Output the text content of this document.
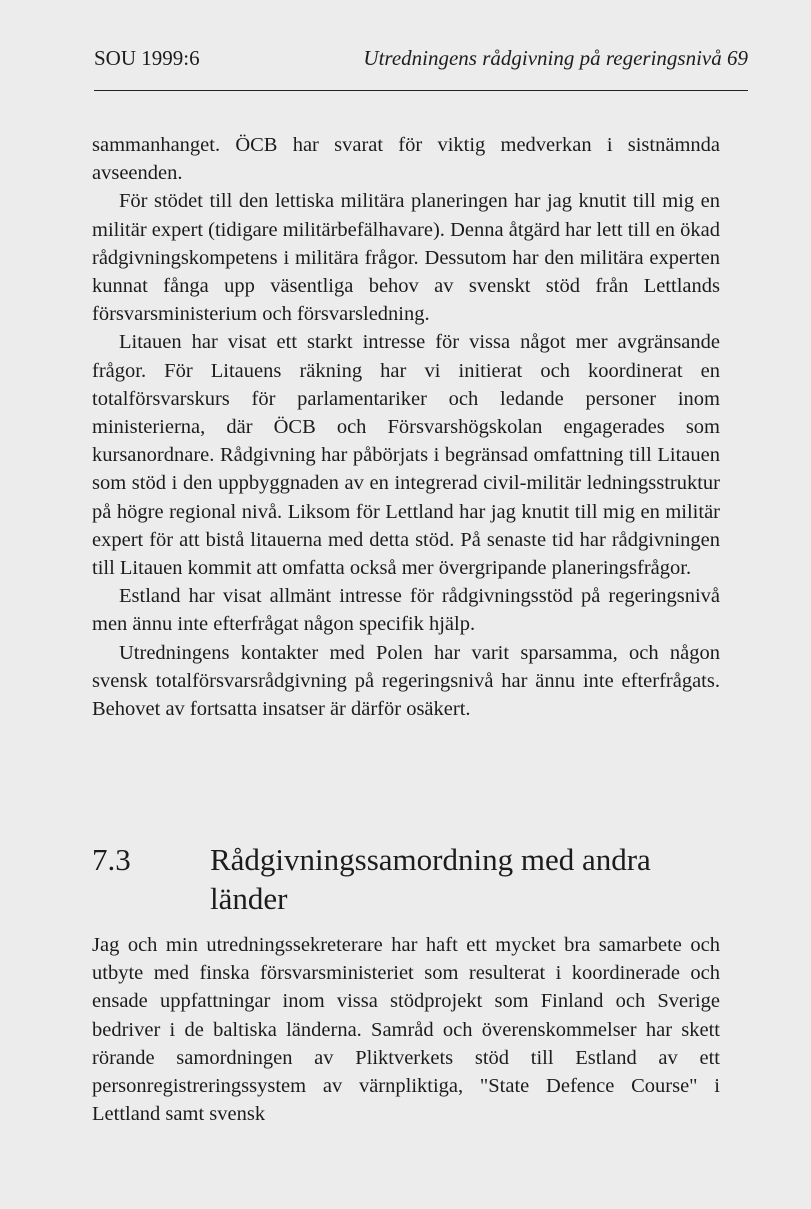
SOU 1999:6	Utredningens rådgivning på regeringsnivå 69

sammanhanget. ÖCB har svarat för viktig medverkan i sistnämnda avseenden.

För stödet till den lettiska militära planeringen har jag knutit till mig en militär expert (tidigare militärbefälhavare). Denna åtgärd har lett till en ökad rådgivningskompetens i militära frågor. Dessutom har den militära experten kunnat fånga upp väsentliga behov av svenskt stöd från Lettlands försvarsministerium och försvarsledning.

Litauen har visat ett starkt intresse för vissa något mer avgränsande frågor. För Litauens räkning har vi initierat och koordinerat en totalförsvarskurs för parlamentariker och ledande personer inom ministerierna, där ÖCB och Försvarshögskolan engagerades som kursanordnare. Rådgivning har påbörjats i begränsad omfattning till Litauen som stöd i den uppbyggnaden av en integrerad civil-militär ledningsstruktur på högre regional nivå. Liksom för Lettland har jag knutit till mig en militär expert för att bistå litauerna med detta stöd. På senaste tid har rådgivningen till Litauen kommit att omfatta också mer övergripande planeringsfrågor.

Estland har visat allmänt intresse för rådgivningsstöd på regeringsnivå men ännu inte efterfrågat någon specifik hjälp.

Utredningens kontakter med Polen har varit sparsamma, och någon svensk totalförsvarsrådgivning på regeringsnivå har ännu inte efterfrågats. Behovet av fortsatta insatser är därför osäkert.

7.3	Rådgivningssamordning med andra länder

Jag och min utredningssekreterare har haft ett mycket bra samarbete och utbyte med finska försvarsministeriet som resulterat i koordinerade och ensade uppfattningar inom vissa stödprojekt som Finland och Sverige bedriver i de baltiska länderna. Samråd och överenskommelser har skett rörande samordningen av Pliktverkets stöd till Estland av ett personregistreringssystem av värnpliktiga, "State Defence Course" i Lettland samt svensk
